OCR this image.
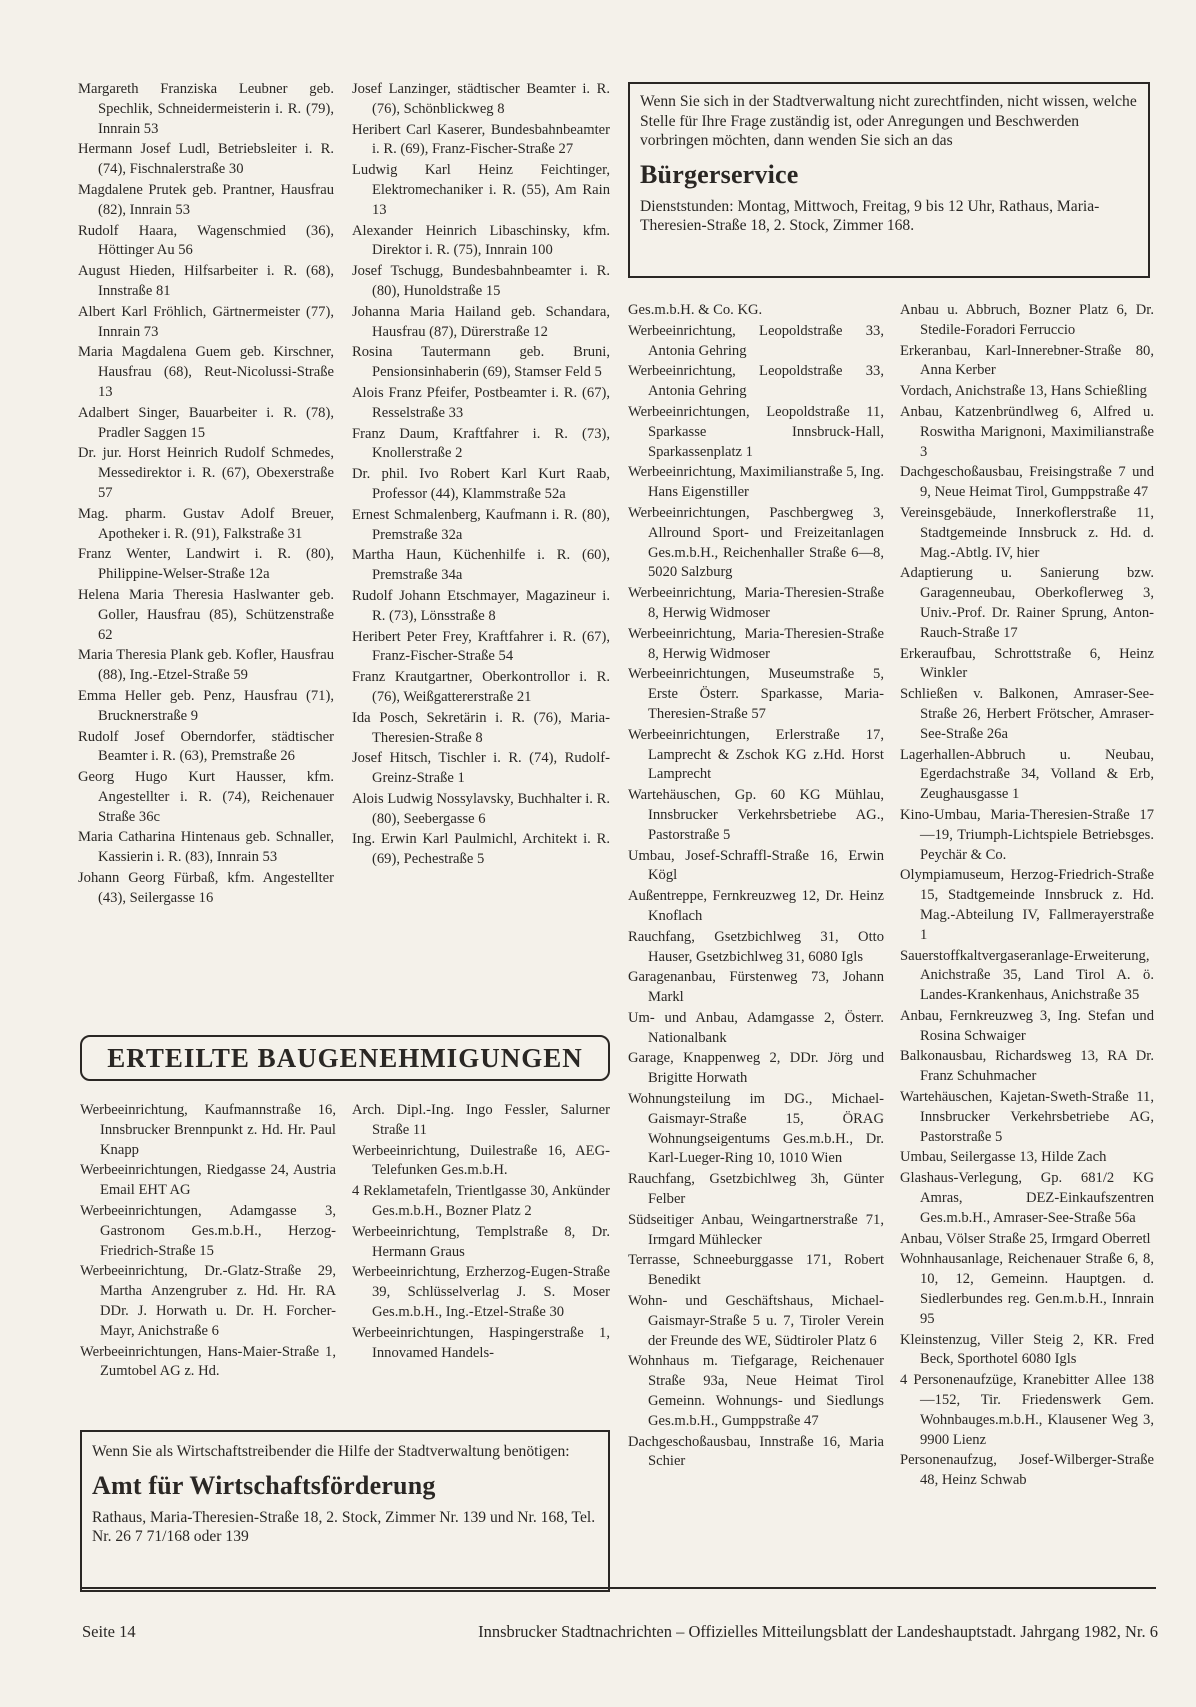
Margareth Franziska Leubner geb. Spechlik, Schneidermeisterin i. R. (79), Innrain 53
Hermann Josef Ludl, Betriebsleiter i. R. (74), Fischnalerstraße 30
Magdalene Prutek geb. Prantner, Hausfrau (82), Innrain 53
Rudolf Haara, Wagenschmied (36), Höttinger Au 56
August Hieden, Hilfsarbeiter i. R. (68), Innstraße 81
Albert Karl Fröhlich, Gärtnermeister (77), Innrain 73
Maria Magdalena Guem geb. Kirschner, Hausfrau (68), Reut-Nicolussi-Straße 13
Adalbert Singer, Bauarbeiter i. R. (78), Pradler Saggen 15
Dr. jur. Horst Heinrich Rudolf Schmedes, Messedirektor i. R. (67), Obexerstraße 57
Mag. pharm. Gustav Adolf Breuer, Apotheker i. R. (91), Falkstraße 31
Franz Wenter, Landwirt i. R. (80), Philippine-Welser-Straße 12a
Helena Maria Theresia Haslwanter geb. Goller, Hausfrau (85), Schützenstraße 62
Maria Theresia Plank geb. Kofler, Hausfrau (88), Ing.-Etzel-Straße 59
Emma Heller geb. Penz, Hausfrau (71), Brucknerstraße 9
Rudolf Josef Oberndorfer, städtischer Beamter i. R. (63), Premstraße 26
Georg Hugo Kurt Hausser, kfm. Angestellter i. R. (74), Reichenauer Straße 36c
Maria Catharina Hintenaus geb. Schnaller, Kassierin i. R. (83), Innrain 53
Johann Georg Fürbaß, kfm. Angestellter (43), Seilergasse 16
Josef Lanzinger, städtischer Beamter i. R. (76), Schönblickweg 8
Heribert Carl Kaserer, Bundesbahnbeamter i. R. (69), Franz-Fischer-Straße 27
Ludwig Karl Heinz Feichtinger, Elektromechaniker i. R. (55), Am Rain 13
Alexander Heinrich Libaschinsky, kfm. Direktor i. R. (75), Innrain 100
Josef Tschugg, Bundesbahnbeamter i. R. (80), Hunoldstraße 15
Johanna Maria Hailand geb. Schandara, Hausfrau (87), Dürerstraße 12
Rosina Tautermann geb. Bruni, Pensionsinhaberin (69), Stamser Feld 5
Alois Franz Pfeifer, Postbeamter i. R. (67), Resselstraße 33
Franz Daum, Kraftfahrer i. R. (73), Knollerstraße 2
Dr. phil. Ivo Robert Karl Kurt Raab, Professor (44), Klammstraße 52a
Ernest Schmalenberg, Kaufmann i. R. (80), Premstraße 32a
Martha Haun, Küchenhilfe i. R. (60), Premstraße 34a
Rudolf Johann Etschmayer, Magazineur i. R. (73), Lönsstraße 8
Heribert Peter Frey, Kraftfahrer i. R. (67), Franz-Fischer-Straße 54
Franz Krautgartner, Oberkontrollor i. R. (76), Weißgattererstraße 21
Ida Posch, Sekretärin i. R. (76), Maria-Theresien-Straße 8
Josef Hitsch, Tischler i. R. (74), Rudolf-Greinz-Straße 1
Alois Ludwig Nossylavsky, Buchhalter i. R. (80), Seebergasse 6
Ing. Erwin Karl Paulmichl, Architekt i. R. (69), Pechestraße 5
Wenn Sie sich in der Stadtverwaltung nicht zurechtfinden, nicht wissen, welche Stelle für Ihre Frage zuständig ist, oder Anregungen und Beschwerden vorbringen möchten, dann wenden Sie sich an das
Bürgerservice
Dienststunden: Montag, Mittwoch, Freitag, 9 bis 12 Uhr, Rathaus, Maria-Theresien-Straße 18, 2. Stock, Zimmer 168.
ERTEILTE BAUGENEHMIGUNGEN
Werbeeinrichtung, Kaufmannstraße 16, Innsbrucker Brennpunkt z. Hd. Hr. Paul Knapp
Werbeeinrichtungen, Riedgasse 24, Austria Email EHT AG
Werbeeinrichtungen, Adamgasse 3, Gastronom Ges.m.b.H., Herzog-Friedrich-Straße 15
Werbeeinrichtung, Dr.-Glatz-Straße 29, Martha Anzengruber z. Hd. Hr. RA DDr. J. Horwath u. Dr. H. Forcher-Mayr, Anichstraße 6
Werbeeinrichtungen, Hans-Maier-Straße 1, Zumtobel AG z. Hd.
Arch. Dipl.-Ing. Ingo Fessler, Salurner Straße 11
Werbeeinrichtung, Duilestraße 16, AEG-Telefunken Ges.m.b.H.
4 Reklametafeln, Trientlgasse 30, Ankünder Ges.m.b.H., Bozner Platz 2
Werbeeinrichtung, Templstraße 8, Dr. Hermann Graus
Werbeeinrichtung, Erzherzog-Eugen-Straße 39, Schlüsselverlag J. S. Moser Ges.m.b.H., Ing.-Etzel-Straße 30
Werbeeinrichtungen, Haspingerstraße 1, Innovamed Handels-
Ges.m.b.H. & Co. KG.
Werbeeinrichtung, Leopoldstraße 33, Antonia Gehring
Werbeeinrichtung, Leopoldstraße 33, Antonia Gehring
Werbeeinrichtungen, Leopoldstraße 11, Sparkasse Innsbruck-Hall, Sparkassenplatz 1
Werbeeinrichtung, Maximilianstraße 5, Ing. Hans Eigenstiller
Werbeeinrichtungen, Paschbergweg 3, Allround Sport- und Freizeitanlagen Ges.m.b.H., Reichenhaller Straße 6—8, 5020 Salzburg
Werbeeinrichtung, Maria-Theresien-Straße 8, Herwig Widmoser
Werbeeinrichtung, Maria-Theresien-Straße 8, Herwig Widmoser
Werbeeinrichtungen, Museumstraße 5, Erste Österr. Sparkasse, Maria-Theresien-Straße 57
Werbeeinrichtungen, Erlerstraße 17, Lamprecht & Zschok KG z.Hd. Horst Lamprecht
Wartehäuschen, Gp. 60 KG Mühlau, Innsbrucker Verkehrsbetriebe AG., Pastorstraße 5
Umbau, Josef-Schraffl-Straße 16, Erwin Kögl
Außentreppe, Fernkreuzweg 12, Dr. Heinz Knoflach
Rauchfang, Gsetzbichlweg 31, Otto Hauser, Gsetzbichlweg 31, 6080 Igls
Garagenanbau, Fürstenweg 73, Johann Markl
Um- und Anbau, Adamgasse 2, Österr. Nationalbank
Garage, Knappenweg 2, DDr. Jörg und Brigitte Horwath
Wohnungsteilung im DG., Michael-Gaismayr-Straße 15, ÖRAG Wohnungseigentums Ges.m.b.H., Dr. Karl-Lueger-Ring 10, 1010 Wien
Rauchfang, Gsetzbichlweg 3h, Günter Felber
Südseitiger Anbau, Weingartnerstraße 71, Irmgard Mühlecker
Terrasse, Schneeburggasse 171, Robert Benedikt
Wohn- und Geschäftshaus, Michael-Gaismayr-Straße 5 u. 7, Tiroler Verein der Freunde des WE, Südtiroler Platz 6
Wohnhaus m. Tiefgarage, Reichenauer Straße 93a, Neue Heimat Tirol Gemeinn. Wohnungs- und Siedlungs Ges.m.b.H., Gumppstraße 47
Dachgeschoßausbau, Innstraße 16, Maria Schier
Anbau u. Abbruch, Bozner Platz 6, Dr. Stedile-Foradori Ferruccio
Erkeranbau, Karl-Innerebner-Straße 80, Anna Kerber
Vordach, Anichstraße 13, Hans Schießling
Anbau, Katzenbründlweg 6, Alfred u. Roswitha Marignoni, Maximilianstraße 3
Dachgeschoßausbau, Freisingstraße 7 und 9, Neue Heimat Tirol, Gumppstraße 47
Vereinsgebäude, Innerkoflerstraße 11, Stadtgemeinde Innsbruck z. Hd. d. Mag.-Abtlg. IV, hier
Adaptierung u. Sanierung bzw. Garagenneubau, Oberkoflerweg 3, Univ.-Prof. Dr. Rainer Sprung, Anton-Rauch-Straße 17
Erkeraufbau, Schrottstraße 6, Heinz Winkler
Schließen v. Balkonen, Amraser-See-Straße 26, Herbert Frötscher, Amraser-See-Straße 26a
Lagerhallen-Abbruch u. Neubau, Egerdachstraße 34, Volland & Erb, Zeughausgasse 1
Kino-Umbau, Maria-Theresien-Straße 17—19, Triumph-Lichtspiele Betriebsges. Peychär & Co.
Olympiamuseum, Herzog-Friedrich-Straße 15, Stadtgemeinde Innsbruck z. Hd. Mag.-Abteilung IV, Fallmerayerstraße 1
Sauerstoffkaltvergaseranlage-Erweiterung, Anichstraße 35, Land Tirol A. ö. Landes-Krankenhaus, Anichstraße 35
Anbau, Fernkreuzweg 3, Ing. Stefan und Rosina Schwaiger
Balkonausbau, Richardsweg 13, RA Dr. Franz Schuhmacher
Wartehäuschen, Kajetan-Sweth-Straße 11, Innsbrucker Verkehrsbetriebe AG, Pastorstraße 5
Umbau, Seilergasse 13, Hilde Zach
Glashaus-Verlegung, Gp. 681/2 KG Amras, DEZ-Einkaufszentren Ges.m.b.H., Amraser-See-Straße 56a
Anbau, Völser Straße 25, Irmgard Oberretl
Wohnhausanlage, Reichenauer Straße 6, 8, 10, 12, Gemeinn. Hauptgen. d. Siedlerbundes reg. Gen.m.b.H., Innrain 95
Kleinstenzug, Viller Steig 2, KR. Fred Beck, Sporthotel 6080 Igls
4 Personenaufzüge, Kranebitter Allee 138—152, Tir. Friedenswerk Gem. Wohnbauges.m.b.H., Klausener Weg 3, 9900 Lienz
Personenaufzug, Josef-Wilberger-Straße 48, Heinz Schwab
Wenn Sie als Wirtschaftstreibender die Hilfe der Stadtverwaltung benötigen:
Amt für Wirtschaftsförderung
Rathaus, Maria-Theresien-Straße 18, 2. Stock, Zimmer Nr. 139 und Nr. 168, Tel. Nr. 26 7 71/168 oder 139
Seite 14	Innsbrucker Stadtnachrichten – Offizielles Mitteilungsblatt der Landeshauptstadt. Jahrgang 1982, Nr. 6
